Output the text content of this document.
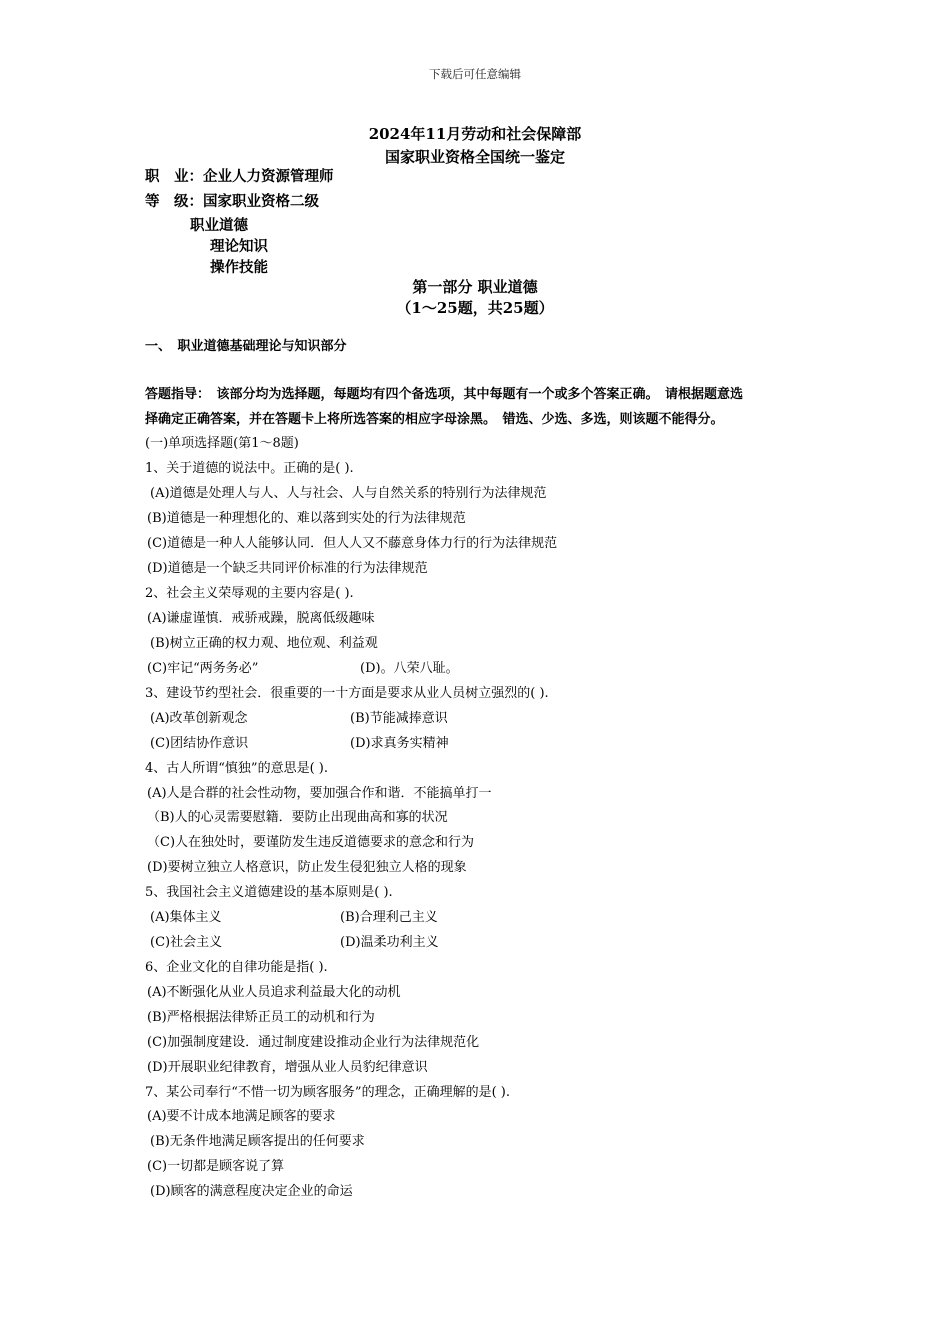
下载后可任意编辑
2024年11月劳动和社会保障部
国家职业资格全国统一鉴定
职　业：企业人力资源管理师
等　级：国家职业资格二级
职业道德
理论知识
操作技能
第一部分 职业道德
（1～25题，共25题）
一、　职业道德基础理论与知识部分
答题指导：　该部分均为选择题，每题均有四个备选项，其中每题有一个或多个答案正确。　请根据题意选
择确定正确答案，并在答题卡上将所选答案的相应字母涂黑。　错选、少选、多选，则该题不能得分。
(一)单项选择题(第1～8题)
1、关于道德的说法中。正确的是( ).
(A)道德是处理人与人、人与社会、人与自然关系的特别行为法律规范
(B)道德是一种理想化的、难以落到实处的行为法律规范
(C)道德是一种人人能够认同．但人人又不藤意身体力行的行为法律规范
(D)道德是一个缺乏共同评价标准的行为法律规范
2、社会主义荣辱观的主要内容是( ).
(A)谦虚谨慎．戒骄戒躁，脱离低级趣味
(B)树立正确的权力观、地位观、利益观
(C)牢记“两务务必”	(D)。八荣八耻。
3、建设节约型社会．很重要的一十方面是要求从业人员树立强烈的( ).
(A)改革创新观念	(B)节能减捧意识
(C)团结协作意识	(D)求真务实精神
4、古人所谓“慎独”的意思是( ).
(A)人是合群的社会性动物，要加强合作和谐．不能搞单打一
（B)人的心灵需要慰籍．要防止出现曲高和寡的状况
（C)人在独处时，要谨防发生违反道德要求的意念和行为
(D)要树立独立人格意识，防止发生侵犯独立人格的现象
5、我国社会主义道德建设的基本原则是( ).
(A)集体主义	(B)合理利己主义
(C)社会主义	(D)温柔功利主义
6、企业文化的自律功能是指( ).
(A)不断强化从业人员追求利益最大化的动机
(B)严格根据法律矫正员工的动机和行为
(C)加强制度建设．通过制度建设推动企业行为法律规范化
(D)开展职业纪律教育，增强从业人员豹纪律意识
7、某公司奉行“不惜一切为顾客服务”的理念，正确理解的是( ).
(A)要不计成本地满足顾客的要求
(B)无条件地满足顾客提出的任何要求
(C)一切都是顾客说了算
(D)顾客的满意程度决定企业的命运
